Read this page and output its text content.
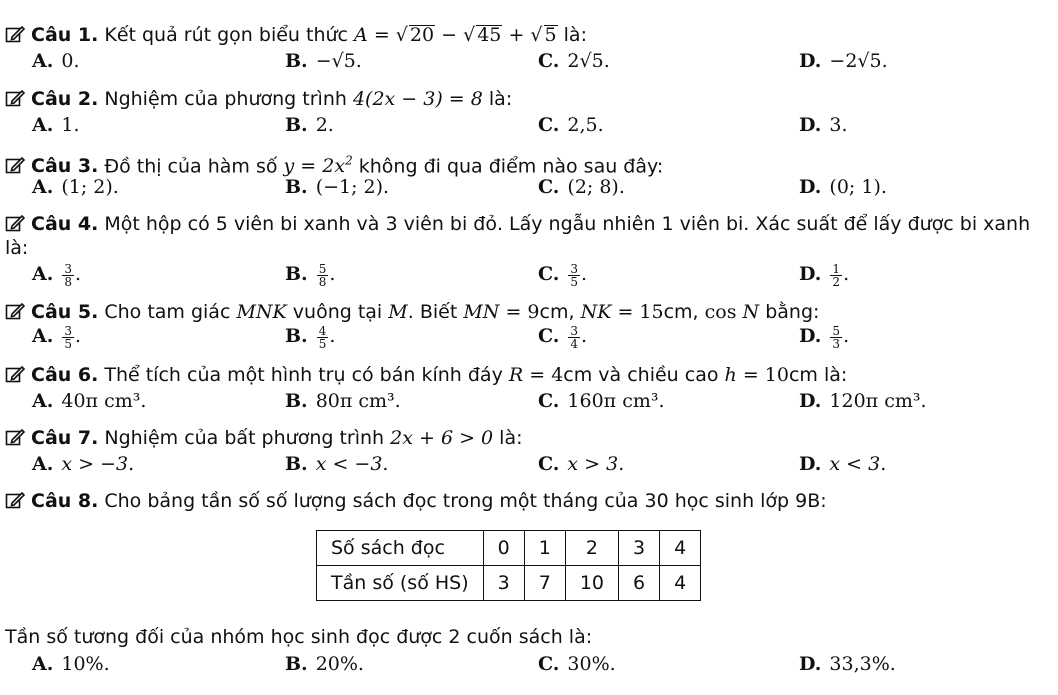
Câu 1. Kết quả rút gọn biểu thức A = √ 20 − √ 45 + √ 5 là:
A. 0.	B. −√5.	C. 2√5.	D. −2√5.
Câu 2. Nghiệm của phương trình 4(2x − 3) = 8 là:
A. 1.	B. 2.	C. 2,5.	D. 3.
Câu 3. Đồ thị của hàm số $y = 2x^2$ không đi qua điểm nào sau đây:
A. (1; 2).	B. (−1; 2).	C. (2; 8).	D. (0; 1).
Câu 4. Một hộp có 5 viên bi xanh và 3 viên bi đỏ. Lấy ngẫu nhiên 1 viên bi. Xác suất để lấy được bi xanh là:
A. $\frac{3}{8}$ .	B. $\frac{5}{8}$ .	C. $\frac{3}{5}$ .	D. $\frac{1}{2}$ .
Câu 5. Cho tam giác MNK vuông tại M. Biết MN = 9cm, NK = 15cm, cos N bằng:
A. $\frac{3}{5}$ .	B. $\frac{4}{5}$ .	C. $\frac{3}{4}$ .	D. $\frac{5}{3}$ .
Câu 6. Thể tích của một hình trụ có bán kính đáy R = 4cm và chiều cao h = 10cm là:
A. 40π cm³.	B. 80π cm³.	C. 160π cm³.	D. 120π cm³.
Câu 7. Nghiệm của bất phương trình 2x + 6 > 0 là:
A. x > −3.	B. x < −3.	C. x > 3.	D. x < 3.
Câu 8. Cho bảng tần số số lượng sách đọc trong một tháng của 30 học sinh lớp 9B:
Số sách đọc	0	1	2	3	4
Tần số (số HS)	3	7	10	6	4
Tần số tương đối của nhóm học sinh đọc được 2 cuốn sách là:
A. 10%.	B. 20%.	C. 30%.	D. 33,3%.
